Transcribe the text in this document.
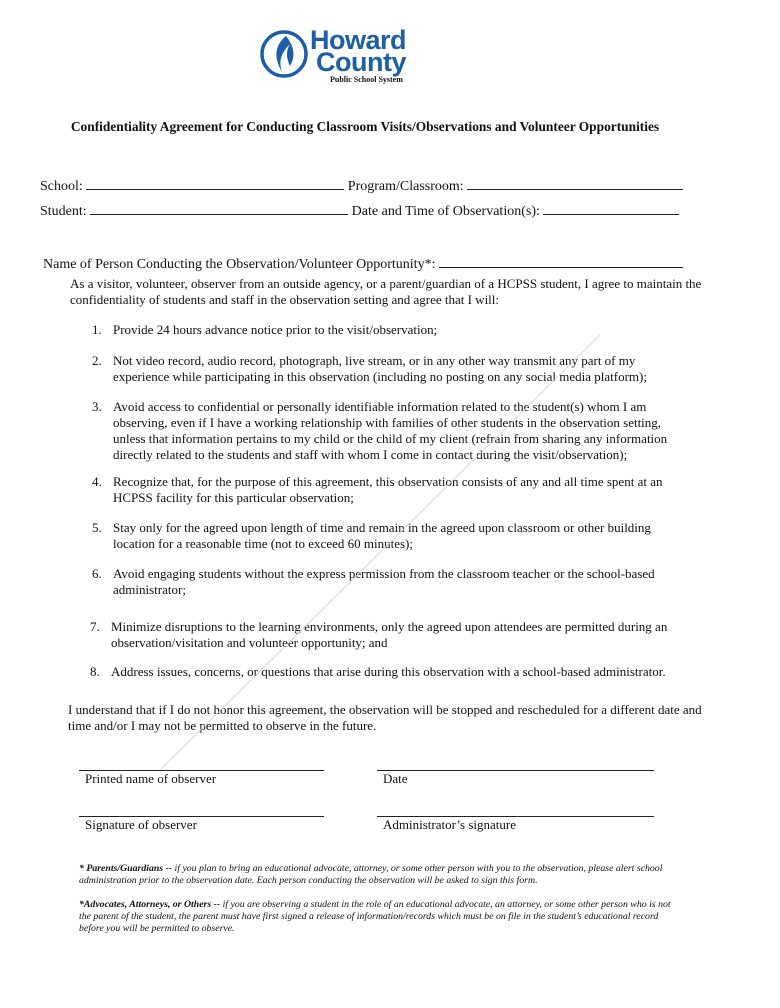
Howard
County
Public School System
Confidentiality Agreement for Conducting Classroom Visits/Observations and Volunteer Opportunities
School:	Program/Classroom:
Student:	Date and Time of Observation(s):
Name of Person Conducting the Observation/Volunteer Opportunity*:
As a visitor, volunteer, observer from an outside agency, or a parent/guardian of a HCPSS student, I agree to maintain the confidentiality of students and staff in the observation setting and agree that I will:
1. Provide 24 hours advance notice prior to the visit/observation;
2. Not video record, audio record, photograph, live stream, or in any other way transmit any part of my experience while participating in this observation (including no posting on any social media platform);
3. Avoid access to confidential or personally identifiable information related to the student(s) whom I am observing, even if I have a working relationship with families of other students in the observation setting, unless that information pertains to my child or the child of my client (refrain from sharing any information directly related to the students and staff with whom I come in contact during the visit/observation);
4. Recognize that, for the purpose of this agreement, this observation consists of any and all time spent at an HCPSS facility for this particular observation;
5. Stay only for the agreed upon length of time and remain in the agreed upon classroom or other building location for a reasonable time (not to exceed 60 minutes);
6. Avoid engaging students without the express permission from the classroom teacher or the school-based administrator;
7. Minimize disruptions to the learning environments, only the agreed upon attendees are permitted during an observation/visitation and volunteer opportunity; and
8. Address issues, concerns, or questions that arise during this observation with a school-based administrator.
I understand that if I do not honor this agreement, the observation will be stopped and rescheduled for a different date and time and/or I may not be permitted to observe in the future.
Printed name of observer	Date
Signature of observer	Administrator’s signature
* Parents/Guardians -- if you plan to bring an educational advocate, attorney, or some other person with you to the observation, please alert school administration prior to the observation date. Each person conducting the observation will be asked to sign this form.
*Advocates, Attorneys, or Others -- if you are observing a student in the role of an educational advocate, an attorney, or some other person who is not the parent of the student, the parent must have first signed a release of information/records which must be on file in the student’s educational record before you will be permitted to observe.
